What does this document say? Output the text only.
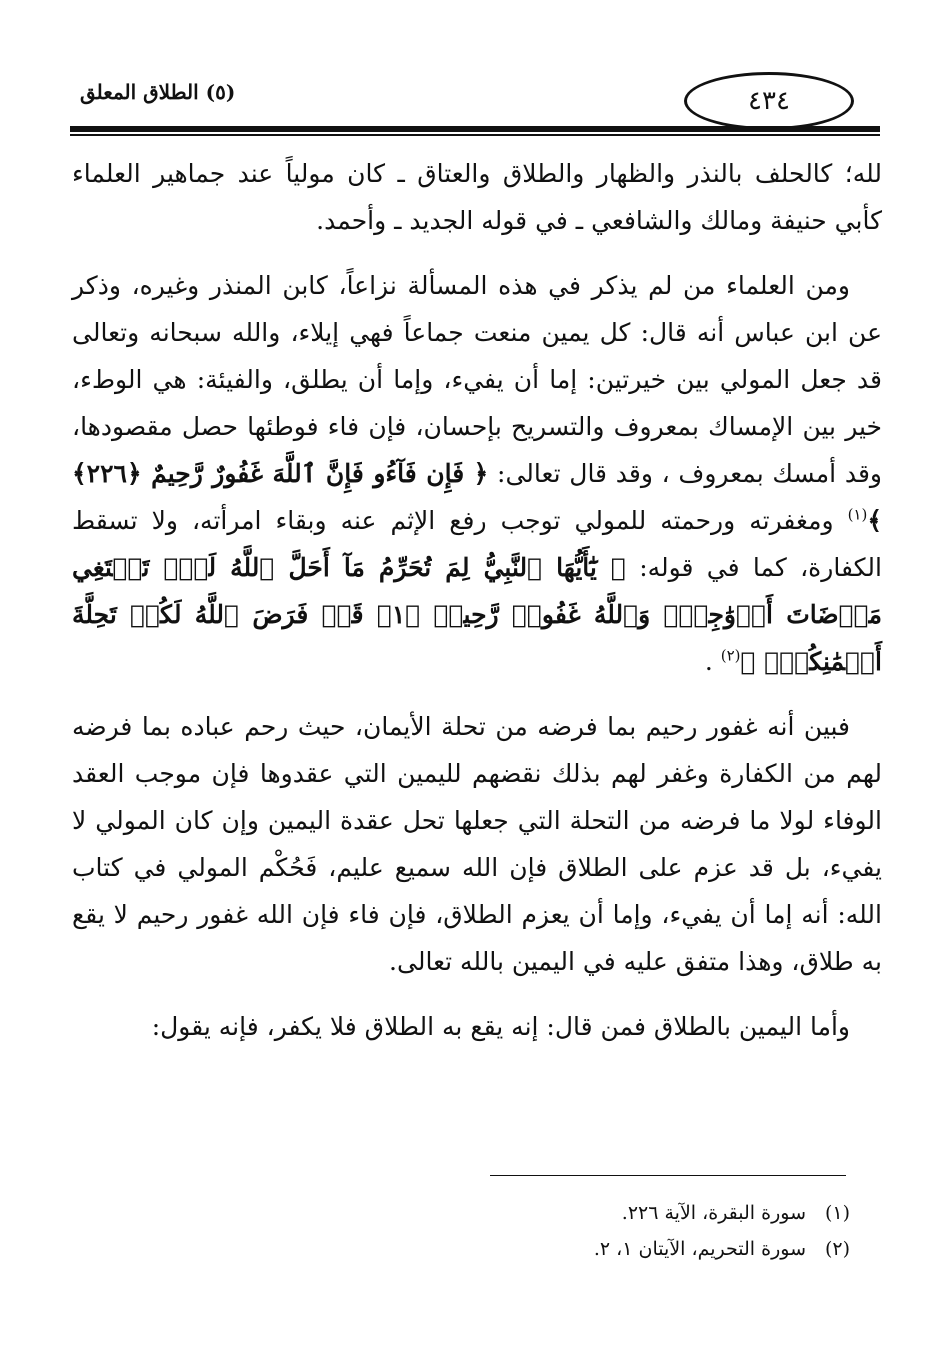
٤٣٤
(٥) الطلاق المعلق

لله؛ كالحلف بالنذر والظهار والطلاق والعتاق ـ كان مولياً عند جماهير العلماء كأبي حنيفة ومالك والشافعي ـ في قوله الجديد ـ وأحمد.

ومن العلماء من لم يذكر في هذه المسألة نزاعاً، كابن المنذر وغيره، وذكر عن ابن عباس أنه قال: كل يمين منعت جماعاً فهي إيلاء، والله سبحانه وتعالى قد جعل المولي بين خيرتين: إما أن يفيء، وإما أن يطلق، والفيئة: هي الوطء، خير بين الإمساك بمعروف والتسريح بإحسان، فإن فاء فوطئها حصل مقصودها، وقد أمسك بمعروف ، وقد قال تعالى: ﴿ فَإِن فَآءُو فَإِنَّ ٱللَّهَ غَفُورٌ رَّحِيمٌ ﴿٢٢٦﴾ ﴾$^{(١)}$ ومغفرته ورحمته للمولي توجب رفع الإثم عنه وبقاء امرأته، ولا تسقط الكفارة، كما في قوله: ﴿ يَٰٓأَيُّهَا ٱلنَّبِيُّ لِمَ تُحَرِّمُ مَآ أَحَلَّ ٱللَّهُ لَكَۖ تَبۡتَغِي مَرۡضَاتَ أَزۡوَٰجِكَۚ وَٱللَّهُ غَفُورٞ رَّحِيمٞ ﴿١﴾ قَدۡ فَرَضَ ٱللَّهُ لَكُمۡ تَحِلَّةَ أَيۡمَٰنِكُمۡۚ ﴾$^{(٢)}$ .

فبين أنه غفور رحيم بما فرضه من تحلة الأيمان، حيث رحم عباده بما فرضه لهم من الكفارة وغفر لهم بذلك نقضهم لليمين التي عقدوها فإن موجب العقد الوفاء لولا ما فرضه من التحلة التي جعلها تحل عقدة اليمين وإن كان المولي لا يفيء، بل قد عزم على الطلاق فإن الله سميع عليم، فَحُكْم المولي في كتاب الله: أنه إما أن يفيء، وإما أن يعزم الطلاق، فإن فاء فإن الله غفور رحيم لا يقع به طلاق، وهذا متفق عليه في اليمين بالله تعالى.

وأما اليمين بالطلاق فمن قال: إنه يقع به الطلاق فلا يكفر، فإنه يقول:

(١)سورة البقرة، الآية ٢٢٦.
(٢)سورة التحريم، الآيتان ١، ٢.
